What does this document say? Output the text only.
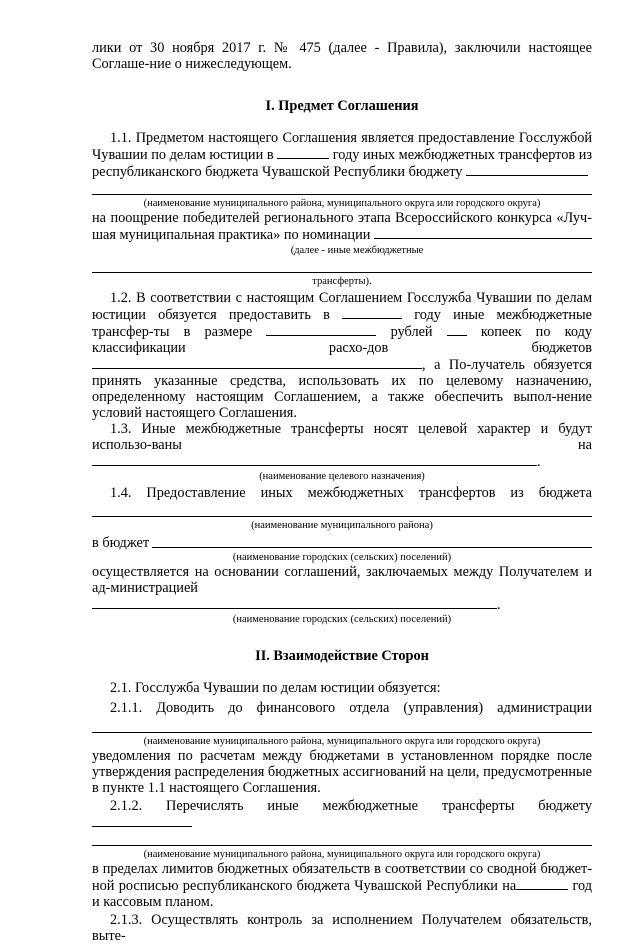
лики от 30 ноября 2017 г. № 475 (далее - Правила), заключили настоящее Соглаше-ние о нижеследующем.

I. Предмет Соглашения

1.1. Предметом настоящего Соглашения является предоставление Госслужбой Чувашии по делам юстиции в	году иных межбюджетных трансфертов из республиканского бюджета Чувашской Республики бюджету

(наименование муниципального района, муниципального округа или городского округа)

на поощрение победителей регионального этапа Всероссийского конкурса «Луч-шая муниципальная практика» по номинации

(далее - иные межбюджетные

трансферты).

1.2. В соответствии с настоящим Соглашением Госслужба Чувашии по делам юстиции обязуется предоставить в	году иные межбюджетные трансфер-ты в размере	рублей	копеек по коду классификации расхо-дов бюджетов , а По-лучатель обязуется принять указанные средства, использовать их по целевому назначению, определенному настоящим Соглашением, а также обеспечить выпол-нение условий настоящего Соглашения.

1.3. Иные межбюджетные трансферты носят целевой характер и будут использо-ваны на .

(наименование целевого назначения)

1.4. Предоставление иных межбюджетных трансфертов из бюджета

(наименование муниципального района)

в бюджет

(наименование городских (сельских) поселений)

осуществляется на основании соглашений, заключаемых между Получателем и ад-министрацией .

(наименование городских (сельских) поселений)

II. Взаимодействие Сторон

2.1. Госслужба Чувашии по делам юстиции обязуется:

2.1.1. Доводить до финансового отдела (управления) администрации

(наименование муниципального района, муниципального округа или городского округа)

уведомления по расчетам между бюджетами в установленном порядке после утверждения распределения бюджетных ассигнований на цели, предусмотренные в пункте 1.1 настоящего Соглашения.

2.1.2. Перечислять иные межбюджетные трансферты бюджету

(наименование муниципального района, муниципального округа или городского округа)

в пределах лимитов бюджетных обязательств в соответствии со сводной бюджет-ной росписью республиканского бюджета Чувашской Республики на	год и кассовым планом.

2.1.3. Осуществлять контроль за исполнением Получателем обязательств, выте-
